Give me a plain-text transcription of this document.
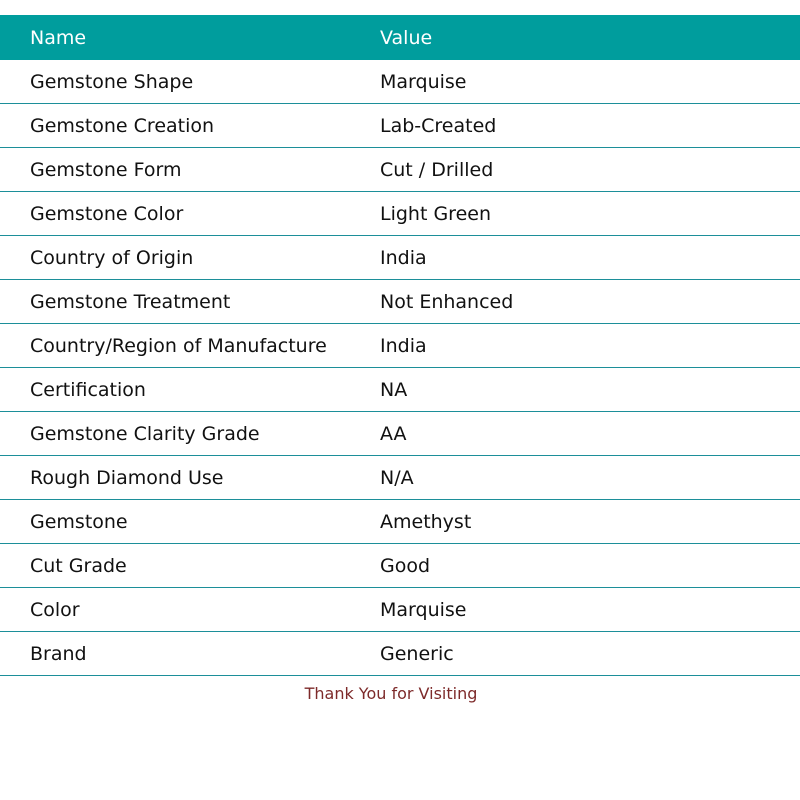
Name	Value
Gemstone Shape	Marquise
Gemstone Creation	Lab-Created
Gemstone Form	Cut / Drilled
Gemstone Color	Light Green
Country of Origin	India
Gemstone Treatment	Not Enhanced
Country/Region of Manufacture	India
Certification	NA
Gemstone Clarity Grade	AA
Rough Diamond Use	N/A
Gemstone	Amethyst
Cut Grade	Good
Color	Marquise
Brand	Generic
Thank You for Visiting
